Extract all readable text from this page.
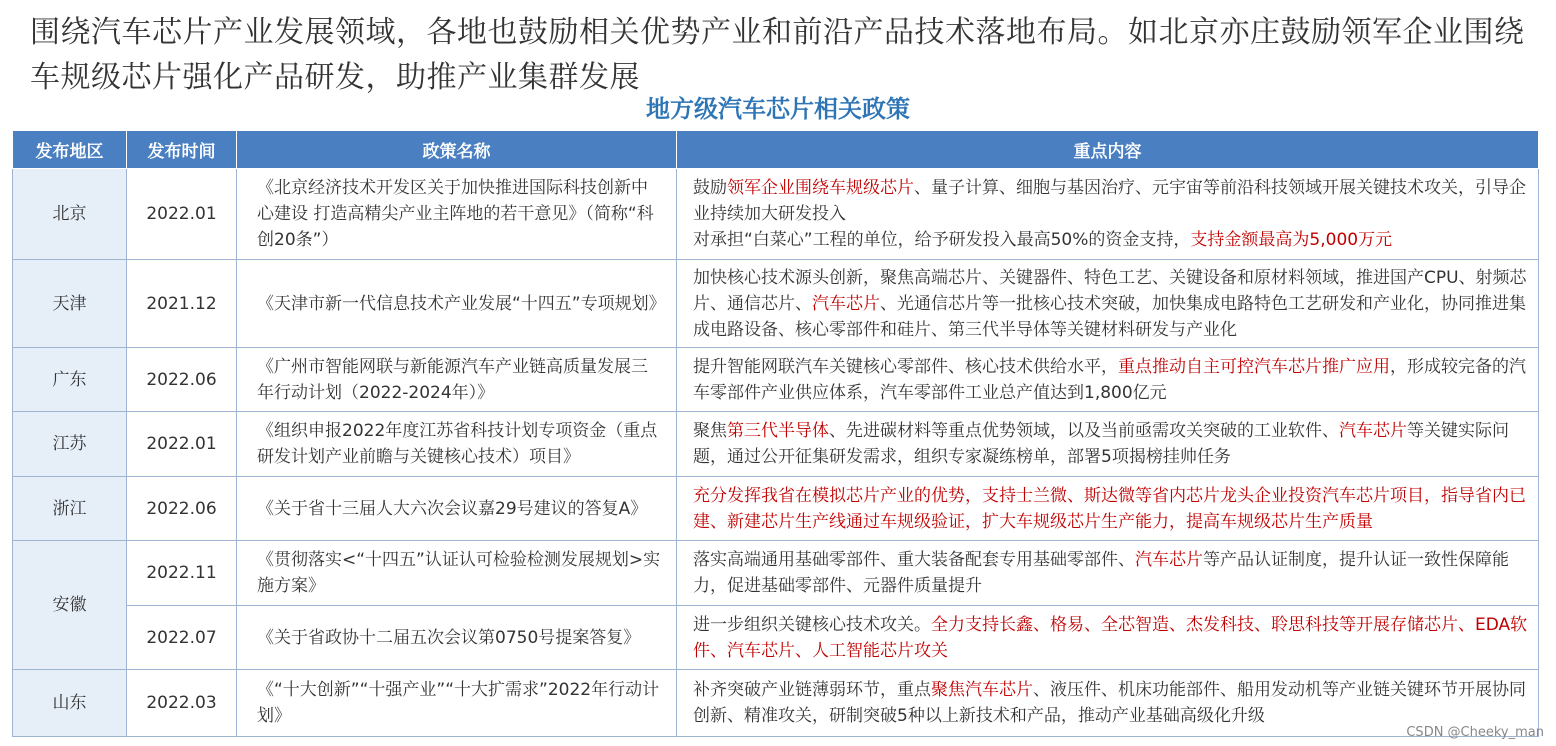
围绕汽车芯片产业发展领域，各地也鼓励相关优势产业和前沿产品技术落地布局。如北京亦庄鼓励领军企业围绕车规级芯片强化产品研发，助推产业集群发展
地方级汽车芯片相关政策
发布地区	发布时间	政策名称	重点内容
北京	2022.01	《北京经济技术开发区关于加快推进国际科技创新中心建设 打造高精尖产业主阵地的若干意见》（简称“科创20条”）	鼓励领军企业围绕车规级芯片、量子计算、细胞与基因治疗、元宇宙等前沿科技领域开展关键技术攻关，引导企业持续加大研发投入
对承担“白菜心”工程的单位，给予研发投入最高50%的资金支持，支持金额最高为5,000万元
天津	2021.12	《天津市新一代信息技术产业发展“十四五”专项规划》	加快核心技术源头创新，聚焦高端芯片、关键器件、特色工艺、关键设备和原材料领域，推进国产CPU、射频芯片、通信芯片、汽车芯片、光通信芯片等一批核心技术突破，加快集成电路特色工艺研发和产业化，协同推进集成电路设备、核心零部件和硅片、第三代半导体等关键材料研发与产业化
广东	2022.06	《广州市智能网联与新能源汽车产业链高质量发展三年行动计划（2022-2024年）》	提升智能网联汽车关键核心零部件、核心技术供给水平，重点推动自主可控汽车芯片推广应用，形成较完备的汽车零部件产业供应体系，汽车零部件工业总产值达到1,800亿元
江苏	2022.01	《组织申报2022年度江苏省科技计划专项资金（重点研发计划产业前瞻与关键核心技术）项目》	聚焦第三代半导体、先进碳材料等重点优势领域，以及当前亟需攻关突破的工业软件、汽车芯片等关键实际问题，通过公开征集研发需求，组织专家凝练榜单，部署5项揭榜挂帅任务
浙江	2022.06	《关于省十三届人大六次会议嘉29号建议的答复A》	充分发挥我省在模拟芯片产业的优势，支持士兰微、斯达微等省内芯片龙头企业投资汽车芯片项目，指导省内已建、新建芯片生产线通过车规级验证，扩大车规级芯片生产能力，提高车规级芯片生产质量
安徽	2022.11	《贯彻落实<“十四五”认证认可检验检测发展规划>实施方案》	落实高端通用基础零部件、重大装备配套专用基础零部件、汽车芯片等产品认证制度，提升认证一致性保障能力，促进基础零部件、元器件质量提升
	2022.07	《关于省政协十二届五次会议第0750号提案答复》	进一步组织关键核心技术攻关。全力支持长鑫、格易、全芯智造、杰发科技、聆思科技等开展存储芯片、EDA软件、汽车芯片、人工智能芯片攻关
山东	2022.03	《“十大创新”“十强产业”“十大扩需求”2022年行动计划》	补齐突破产业链薄弱环节，重点聚焦汽车芯片、液压件、机床功能部件、船用发动机等产业链关键环节开展协同创新、精准攻关，研制突破5种以上新技术和产品，推动产业基础高级化升级
CSDN @Cheeky_man
